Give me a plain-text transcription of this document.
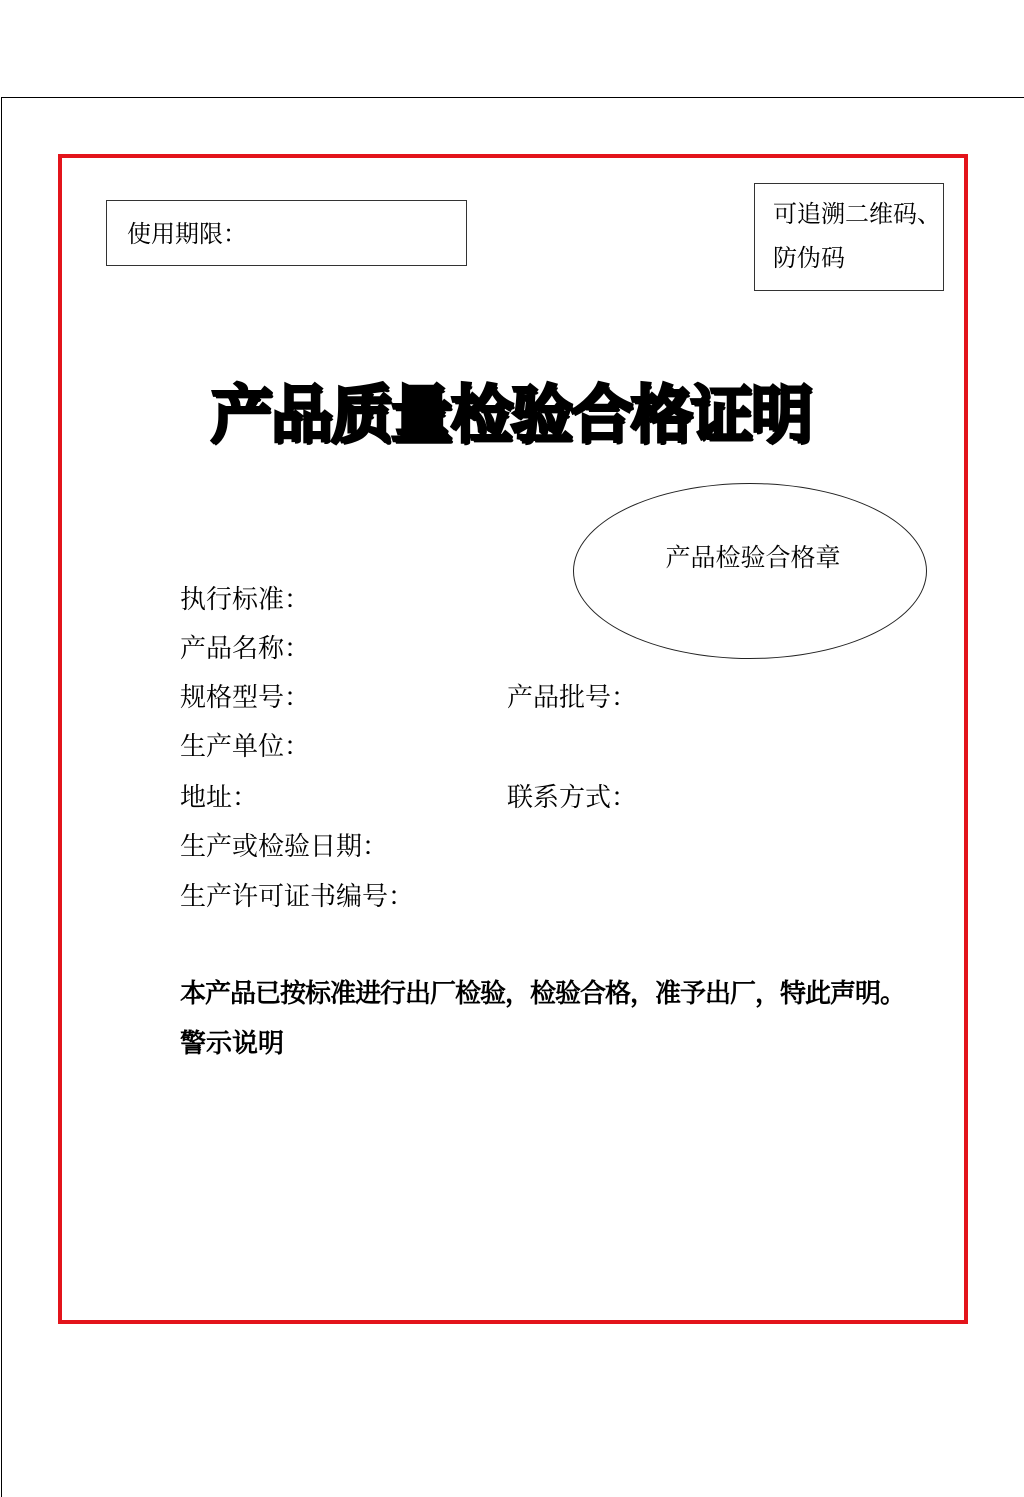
使用期限：
可追溯二维码、
防伪码
产品质量检验合格证明
产品检验合格章
执行标准：
产品名称：
规格型号：	产品批号：
生产单位：
地址：	联系方式：
生产或检验日期：
生产许可证书编号：
本产品已按标准进行出厂检验，检验合格，准予出厂，特此声明。
警示说明
